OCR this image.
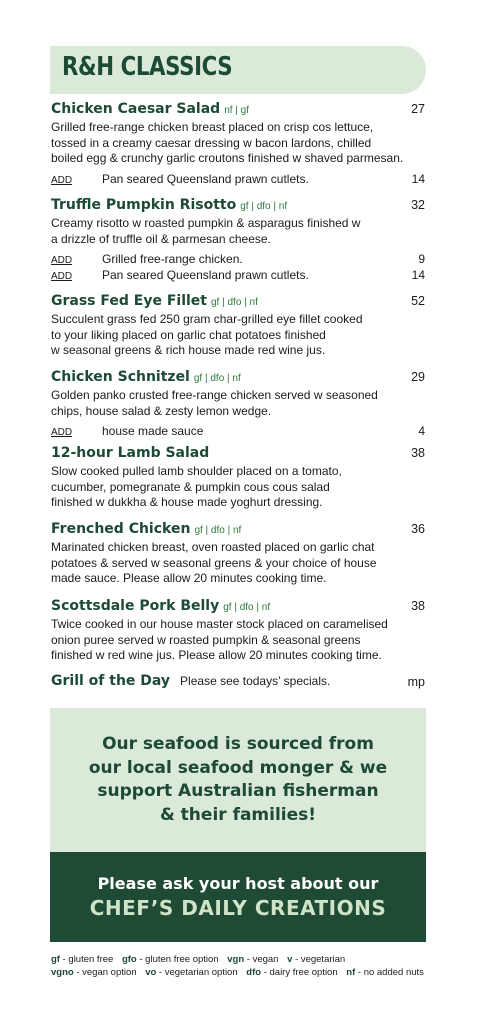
R&H CLASSICS
Chicken Caesar Salad nf | gf	27
Grilled free-range chicken breast placed on crisp cos lettuce,
tossed in a creamy caesar dressing w bacon lardons, chilled
boiled egg & crunchy garlic croutons finished w shaved parmesan.
ADD Pan seared Queensland prawn cutlets.	14
Truffle Pumpkin Risotto gf | dfo | nf	32
Creamy risotto w roasted pumpkin & asparagus finished w
a drizzle of truffle oil & parmesan cheese.
ADD Grilled free-range chicken.	9
ADD Pan seared Queensland prawn cutlets.	14
Grass Fed Eye Fillet gf | dfo | nf	52
Succulent grass fed 250 gram char-grilled eye fillet cooked
to your liking placed on garlic chat potatoes finished
w seasonal greens & rich house made red wine jus.
Chicken Schnitzel gf | dfo | nf	29
Golden panko crusted free-range chicken served w seasoned
chips, house salad & zesty lemon wedge.
ADD house made sauce	4
12-hour Lamb Salad	38
Slow cooked pulled lamb shoulder placed on a tomato,
cucumber, pomegranate & pumpkin cous cous salad
finished w dukkha & house made yoghurt dressing.
Frenched Chicken gf | dfo | nf	36
Marinated chicken breast, oven roasted placed on garlic chat
potatoes & served w seasonal greens & your choice of house
made sauce. Please allow 20 minutes cooking time.
Scottsdale Pork Belly gf | dfo | nf	38
Twice cooked in our house master stock placed on caramelised
onion puree served w roasted pumpkin & seasonal greens
finished w red wine jus. Please allow 20 minutes cooking time.
Grill of the Day Please see todays’ specials.	mp
Our seafood is sourced from our local seafood monger & we support Australian fisherman & their families!
Please ask your host about our
CHEF’S DAILY CREATIONS
gf - gluten free gfo - gluten free option vgn - vegan v - vegetarian
vgno - vegan option vo - vegetarian option dfo - dairy free option nf - no added nuts
